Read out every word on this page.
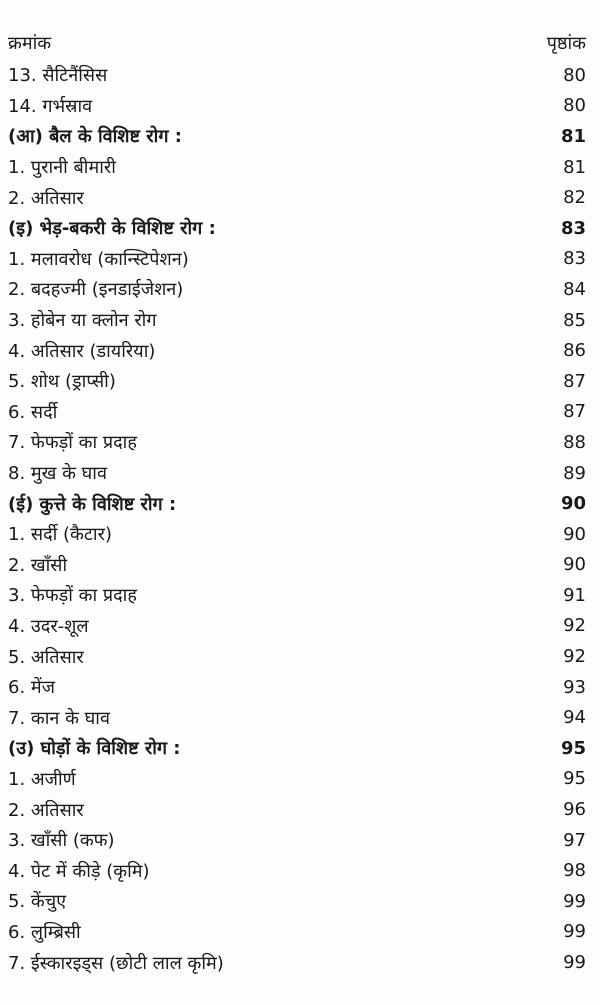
क्रमांक	पृष्ठांक
13. सैटिनैंसिस	80
14. गर्भस्राव	80
(आ) बैल के विशिष्ट रोग :	81
1. पुरानी बीमारी	81
2. अतिसार	82
(इ) भेड़-बकरी के विशिष्ट रोग :	83
1. मलावरोध (कान्स्टिपेशन)	83
2. बदहज्मी (इनडाईजेशन)	84
3. होबेन या क्लोन रोग	85
4. अतिसार (डायरिया)	86
5. शोथ (ड्राप्सी)	87
6. सर्दी	87
7. फेफड़ों का प्रदाह	88
8. मुख के घाव	89
(ई) कुत्ते के विशिष्ट रोग :	90
1. सर्दी (कैटार)	90
2. खाँसी	90
3. फेफड़ों का प्रदाह	91
4. उदर-शूल	92
5. अतिसार	92
6. मेंज	93
7. कान के घाव	94
(उ) घोड़ों के विशिष्ट रोग :	95
1. अजीर्ण	95
2. अतिसार	96
3. खाँसी (कफ)	97
4. पेट में कीड़े (कृमि)	98
5. केंचुए	99
6. लुम्ब्रिसी	99
7. ईस्कारइड्स (छोटी लाल कृमि)	99
